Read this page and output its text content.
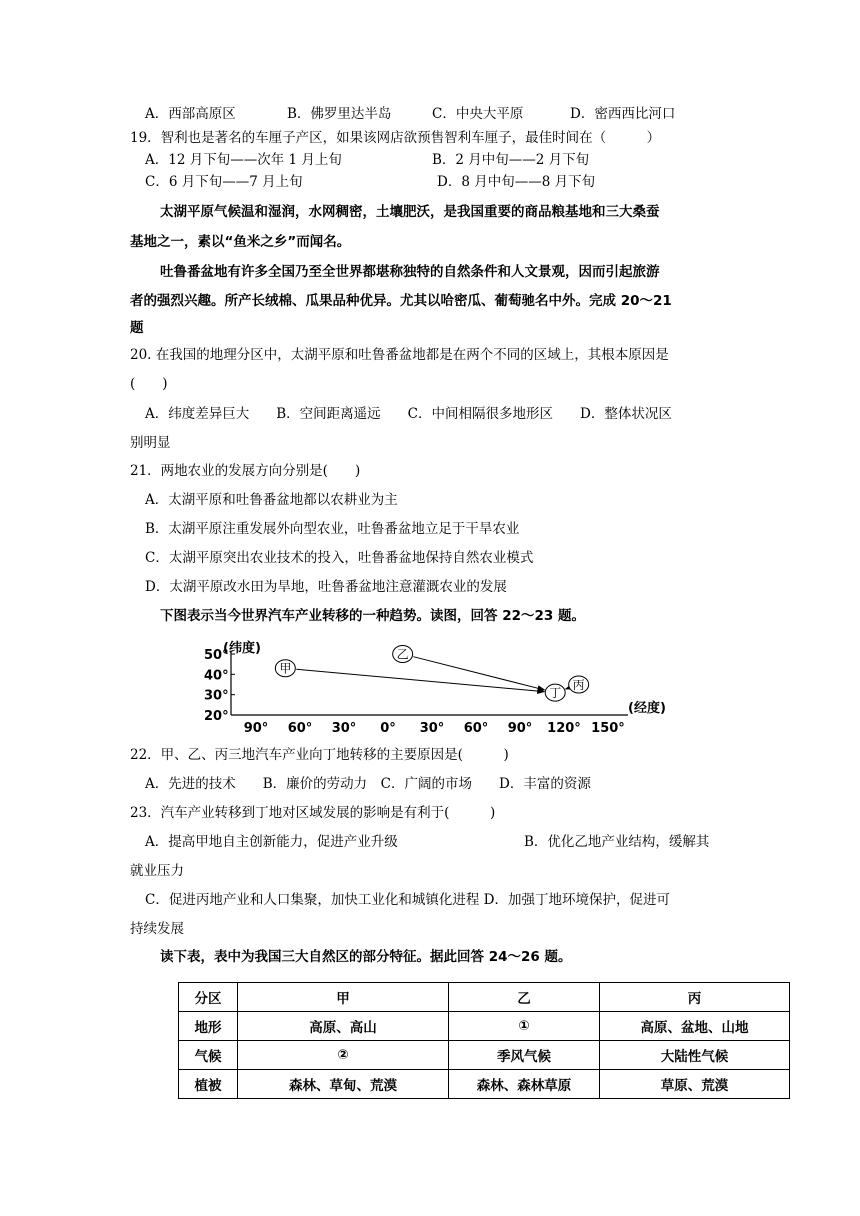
A．西部高原区	B．佛罗里达半岛	C．中央大平原	D．密西西比河口
19．智利也是著名的车厘子产区，如果该网店欲预售智利车厘子，最佳时间在（　　　）
A．12 月下旬——次年 1 月上旬	B．2 月中旬——2 月下旬
C．6 月下旬——7 月上旬	D．8 月中旬——8 月下旬
太湖平原气候温和湿润，水网稠密，土壤肥沃，是我国重要的商品粮基地和三大桑蚕
基地之一，素以“鱼米之乡”而闻名。
吐鲁番盆地有许多全国乃至全世界都堪称独特的自然条件和人文景观，因而引起旅游
者的强烈兴趣。所产长绒棉、瓜果品种优异。尤其以哈密瓜、葡萄驰名中外。完成 20～21
题
20. 在我国的地理分区中，太湖平原和吐鲁番盆地都是在两个不同的区域上，其根本原因是
(　　)
A．纬度差异巨大　　B．空间距离遥远　　C．中间相隔很多地形区　　D．整体状况区
别明显
21．两地农业的发展方向分别是(　　)
A．太湖平原和吐鲁番盆地都以农耕业为主
B．太湖平原注重发展外向型农业，吐鲁番盆地立足于干旱农业
C．太湖平原突出农业技术的投入，吐鲁番盆地保持自然农业模式
D．太湖平原改水田为旱地，吐鲁番盆地注意灌溉农业的发展
下图表示当今世界汽车产业转移的一种趋势。读图，回答 22～23 题。
(纬度)
(经度)
50°
40°
30°
20°
90° 60° 30° 0° 30° 60° 90° 120° 150°
甲
乙
丙
丁
22．甲、乙、丙三地汽车产业向丁地转移的主要原因是(　　　)
A．先进的技术　　B．廉价的劳动力　C．广阔的市场　　D．丰富的资源
23．汽车产业转移到丁地对区域发展的影响是有利于(　　　)
A．提高甲地自主创新能力，促进产业升级	B．优化乙地产业结构，缓解其
就业压力
C．促进丙地产业和人口集聚，加快工业化和城镇化进程 D．加强丁地环境保护，促进可
持续发展
读下表，表中为我国三大自然区的部分特征。据此回答 24～26 题。
分区	甲	乙	丙
地形	高原、高山	①	高原、盆地、山地
气候	②	季风气候	大陆性气候
植被	森林、草甸、荒漠	森林、森林草原	草原、荒漠
